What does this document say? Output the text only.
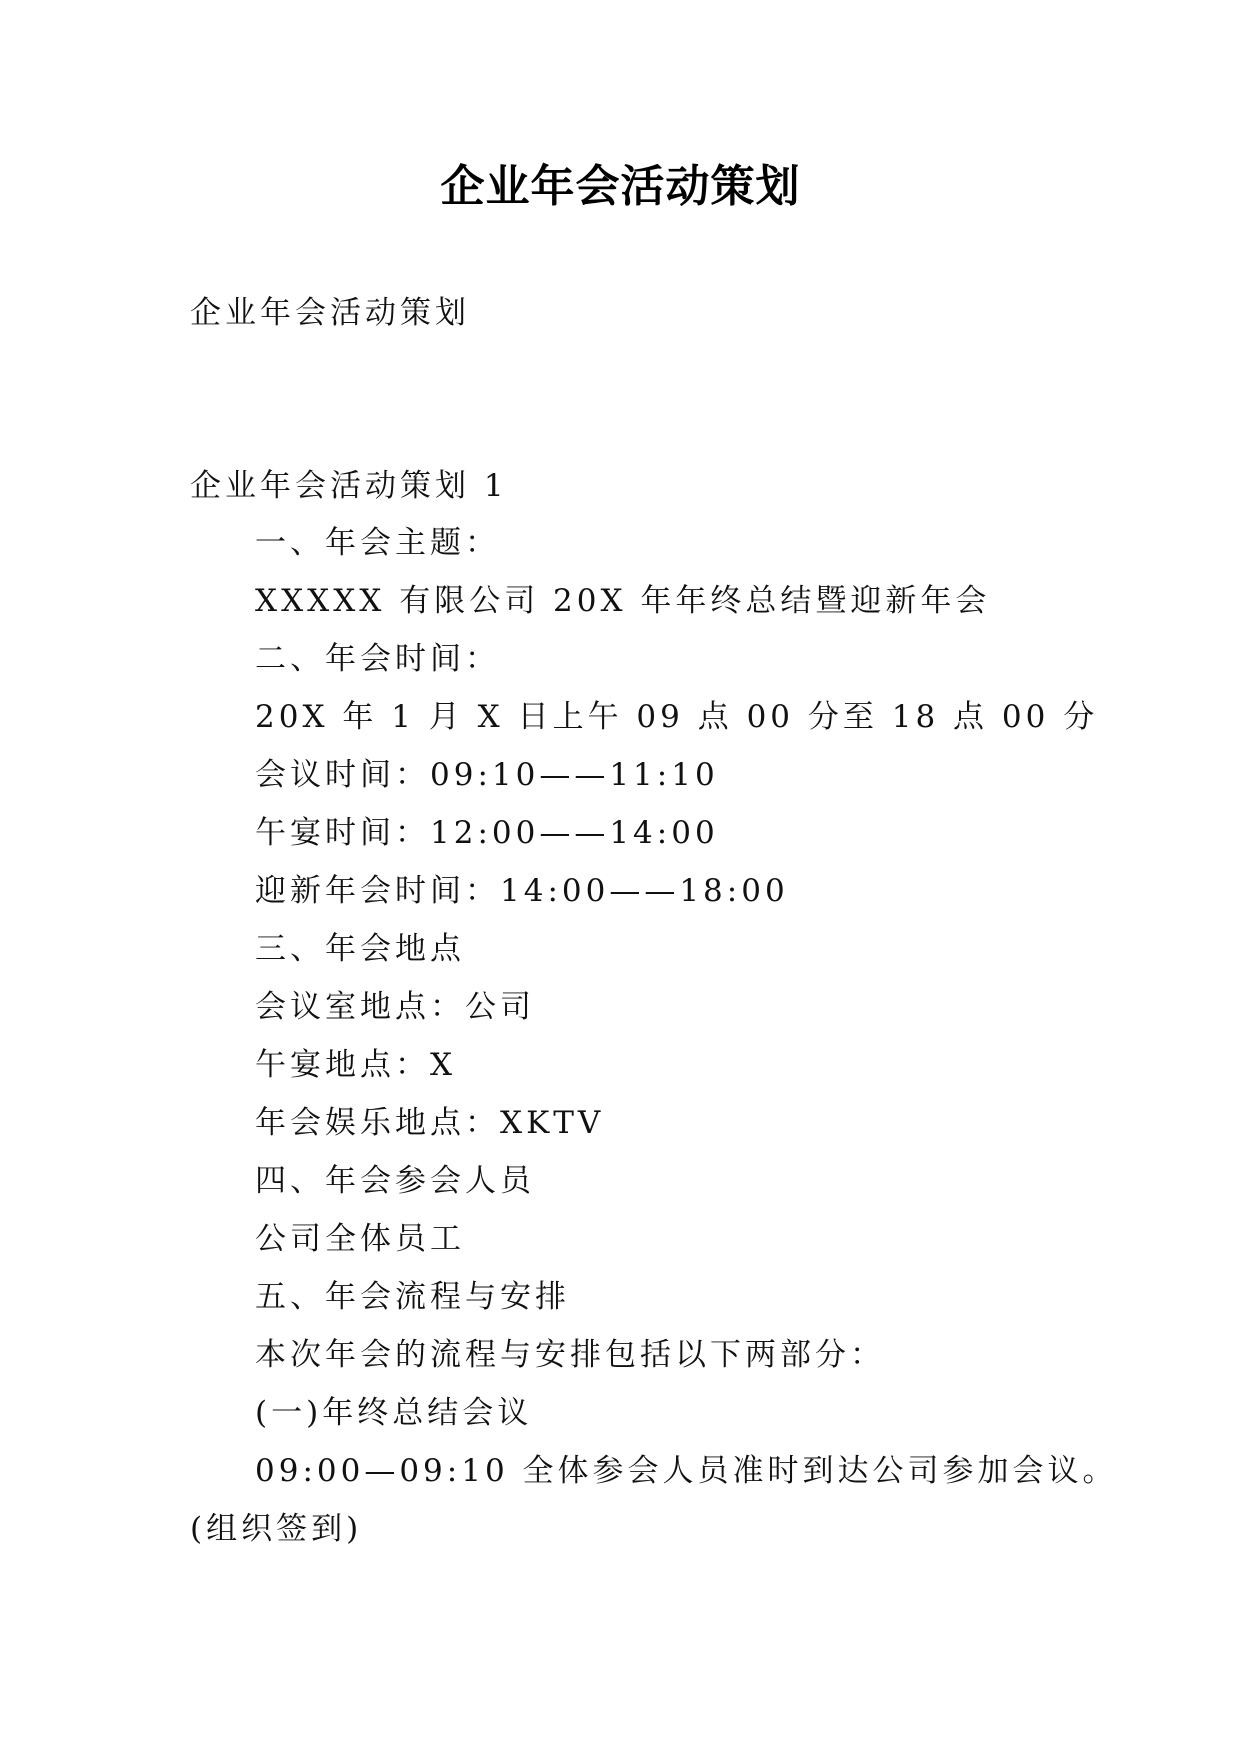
企业年会活动策划
企业年会活动策划
企业年会活动策划 1
一、年会主题：
XXXXX 有限公司 20X 年年终总结暨迎新年会
二、年会时间：
20X 年 1 月 X 日上午 09 点 00 分至 18 点 00 分
会议时间：09:10——11:10
午宴时间：12:00——14:00
迎新年会时间：14:00——18:00
三、年会地点
会议室地点：公司
午宴地点：X
年会娱乐地点：XKTV
四、年会参会人员
公司全体员工
五、年会流程与安排
本次年会的流程与安排包括以下两部分：
(一)年终总结会议
09:00—09:10 全体参会人员准时到达公司参加会议。
(组织签到)
